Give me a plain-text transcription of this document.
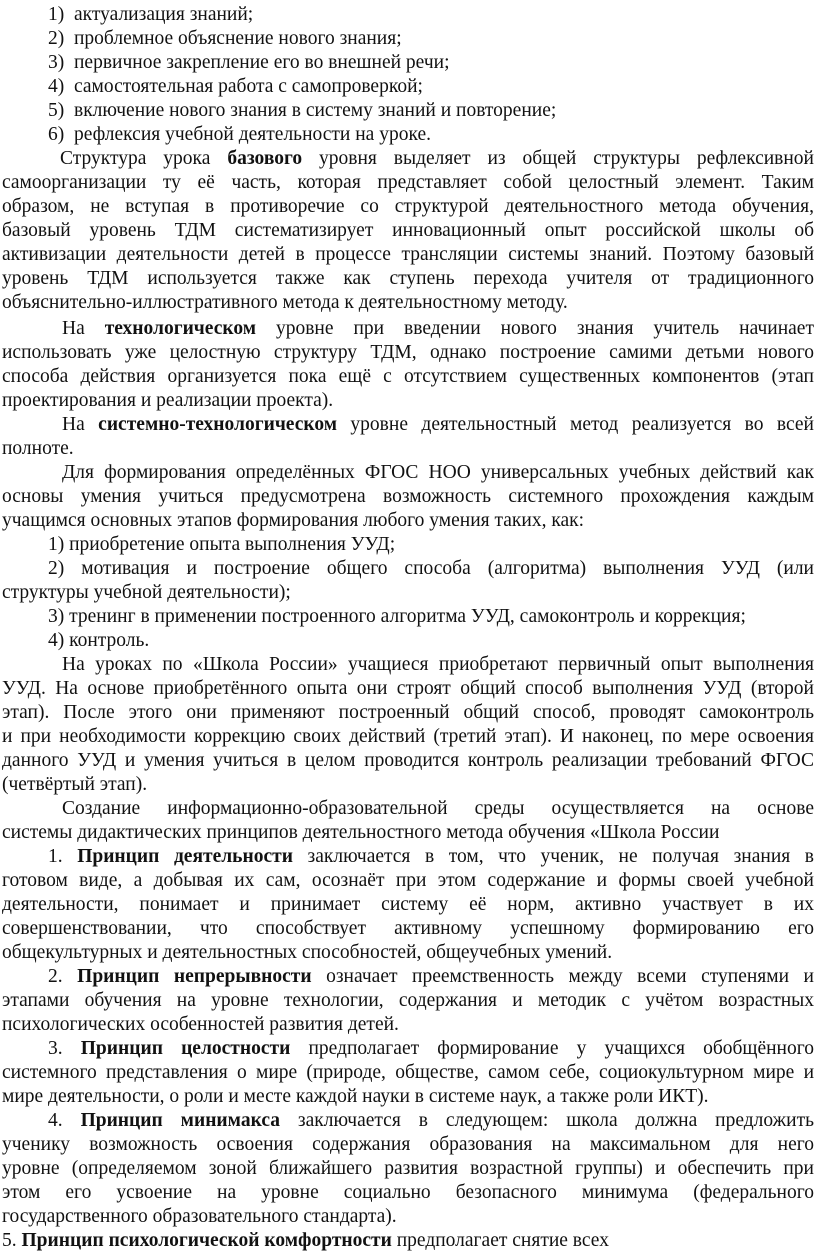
1) актуализация знаний;
2) проблемное объяснение нового знания;
3) первичное закрепление его во внешней речи;
4) самостоятельная работа с самопроверкой;
5) включение нового знания в систему знаний и повторение;
6) рефлексия учебной деятельности на уроке.
Структура урока базового уровня выделяет из общей структуры рефлексивной
самоорганизации ту её часть, которая представляет собой целостный элемент. Таким
образом, не вступая в противоречие со структурой деятельностного метода обучения,
базовый уровень ТДМ систематизирует инновационный опыт российской школы об
активизации деятельности детей в процессе трансляции системы знаний. Поэтому базовый
уровень ТДМ используется также как ступень перехода учителя от традиционного
объяснительно-иллюстративного метода к деятельностному методу.
На технологическом уровне при введении нового знания учитель начинает
использовать уже целостную структуру ТДМ, однако построение самими детьми нового
способа действия организуется пока ещё с отсутствием существенных компонентов (этап
проектирования и реализации проекта).
На системно-технологическом уровне деятельностный метод реализуется во всей
полноте.
Для формирования определённых ФГОС НОО универсальных учебных действий как
основы умения учиться предусмотрена возможность системного прохождения каждым
учащимся основных этапов формирования любого умения таких, как:
1) приобретение опыта выполнения УУД;
2) мотивация и построение общего способа (алгоритма) выполнения УУД (или
структуры учебной деятельности);
3) тренинг в применении построенного алгоритма УУД, самоконтроль и коррекция;
4) контроль.
На уроках по «Школа России» учащиеся приобретают первичный опыт выполнения
УУД. На основе приобретённого опыта они строят общий способ выполнения УУД (второй
этап). После этого они применяют построенный общий способ, проводят самоконтроль
и при необходимости коррекцию своих действий (третий этап). И наконец, по мере освоения
данного УУД и умения учиться в целом проводится контроль реализации требований ФГОС
(четвёртый этап).
Создание информационно-образовательной среды осуществляется на основе
системы дидактических принципов деятельностного метода обучения «Школа России
1. Принцип деятельности заключается в том, что ученик, не получая знания в
готовом виде, а добывая их сам, осознаёт при этом содержание и формы своей учебной
деятельности, понимает и принимает систему её норм, активно участвует в их
совершенствовании, что способствует активному успешному формированию его
общекультурных и деятельностных способностей, общеучебных умений.
2. Принцип непрерывности означает преемственность между всеми ступенями и
этапами обучения на уровне технологии, содержания и методик с учётом возрастных
психологических особенностей развития детей.
3. Принцип целостности предполагает формирование у учащихся обобщённого
системного представления о мире (природе, обществе, самом себе, социокультурном мире и
мире деятельности, о роли и месте каждой науки в системе наук, а также роли ИКТ).
4. Принцип минимакса заключается в следующем: школа должна предложить
ученику возможность освоения содержания образования на максимальном для него
уровне (определяемом зоной ближайшего развития возрастной группы) и обеспечить при
этом его усвоение на уровне социально безопасного минимума (федерального
государственного образовательного стандарта).
5. Принцип психологической комфортности предполагает снятие всех
